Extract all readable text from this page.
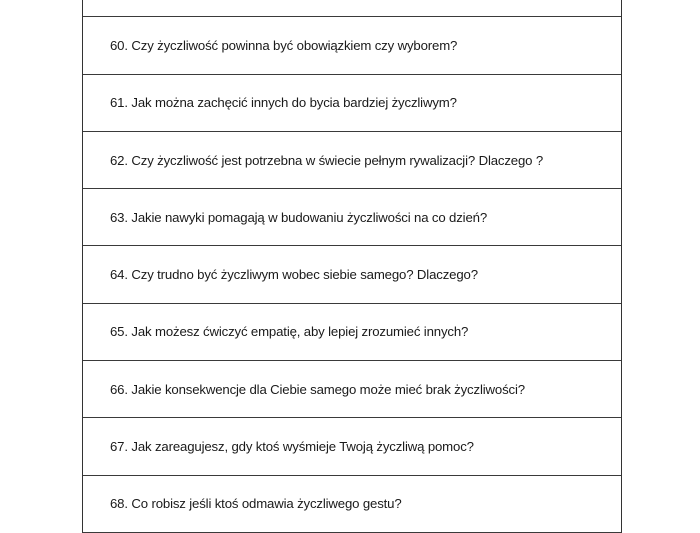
60. Czy życzliwość powinna być obowiązkiem czy wyborem?
61. Jak można zachęcić innych do bycia bardziej życzliwym?
62. Czy życzliwość jest potrzebna w świecie pełnym rywalizacji? Dlaczego ?
63. Jakie nawyki pomagają w budowaniu życzliwości na co dzień?
64. Czy trudno być życzliwym wobec siebie samego? Dlaczego?
65. Jak możesz ćwiczyć empatię, aby lepiej zrozumieć innych?
66. Jakie konsekwencje dla Ciebie samego może mieć brak życzliwości?
67. Jak zareagujesz, gdy ktoś wyśmieje Twoją życzliwą pomoc?
68. Co robisz jeśli ktoś odmawia życzliwego gestu?
